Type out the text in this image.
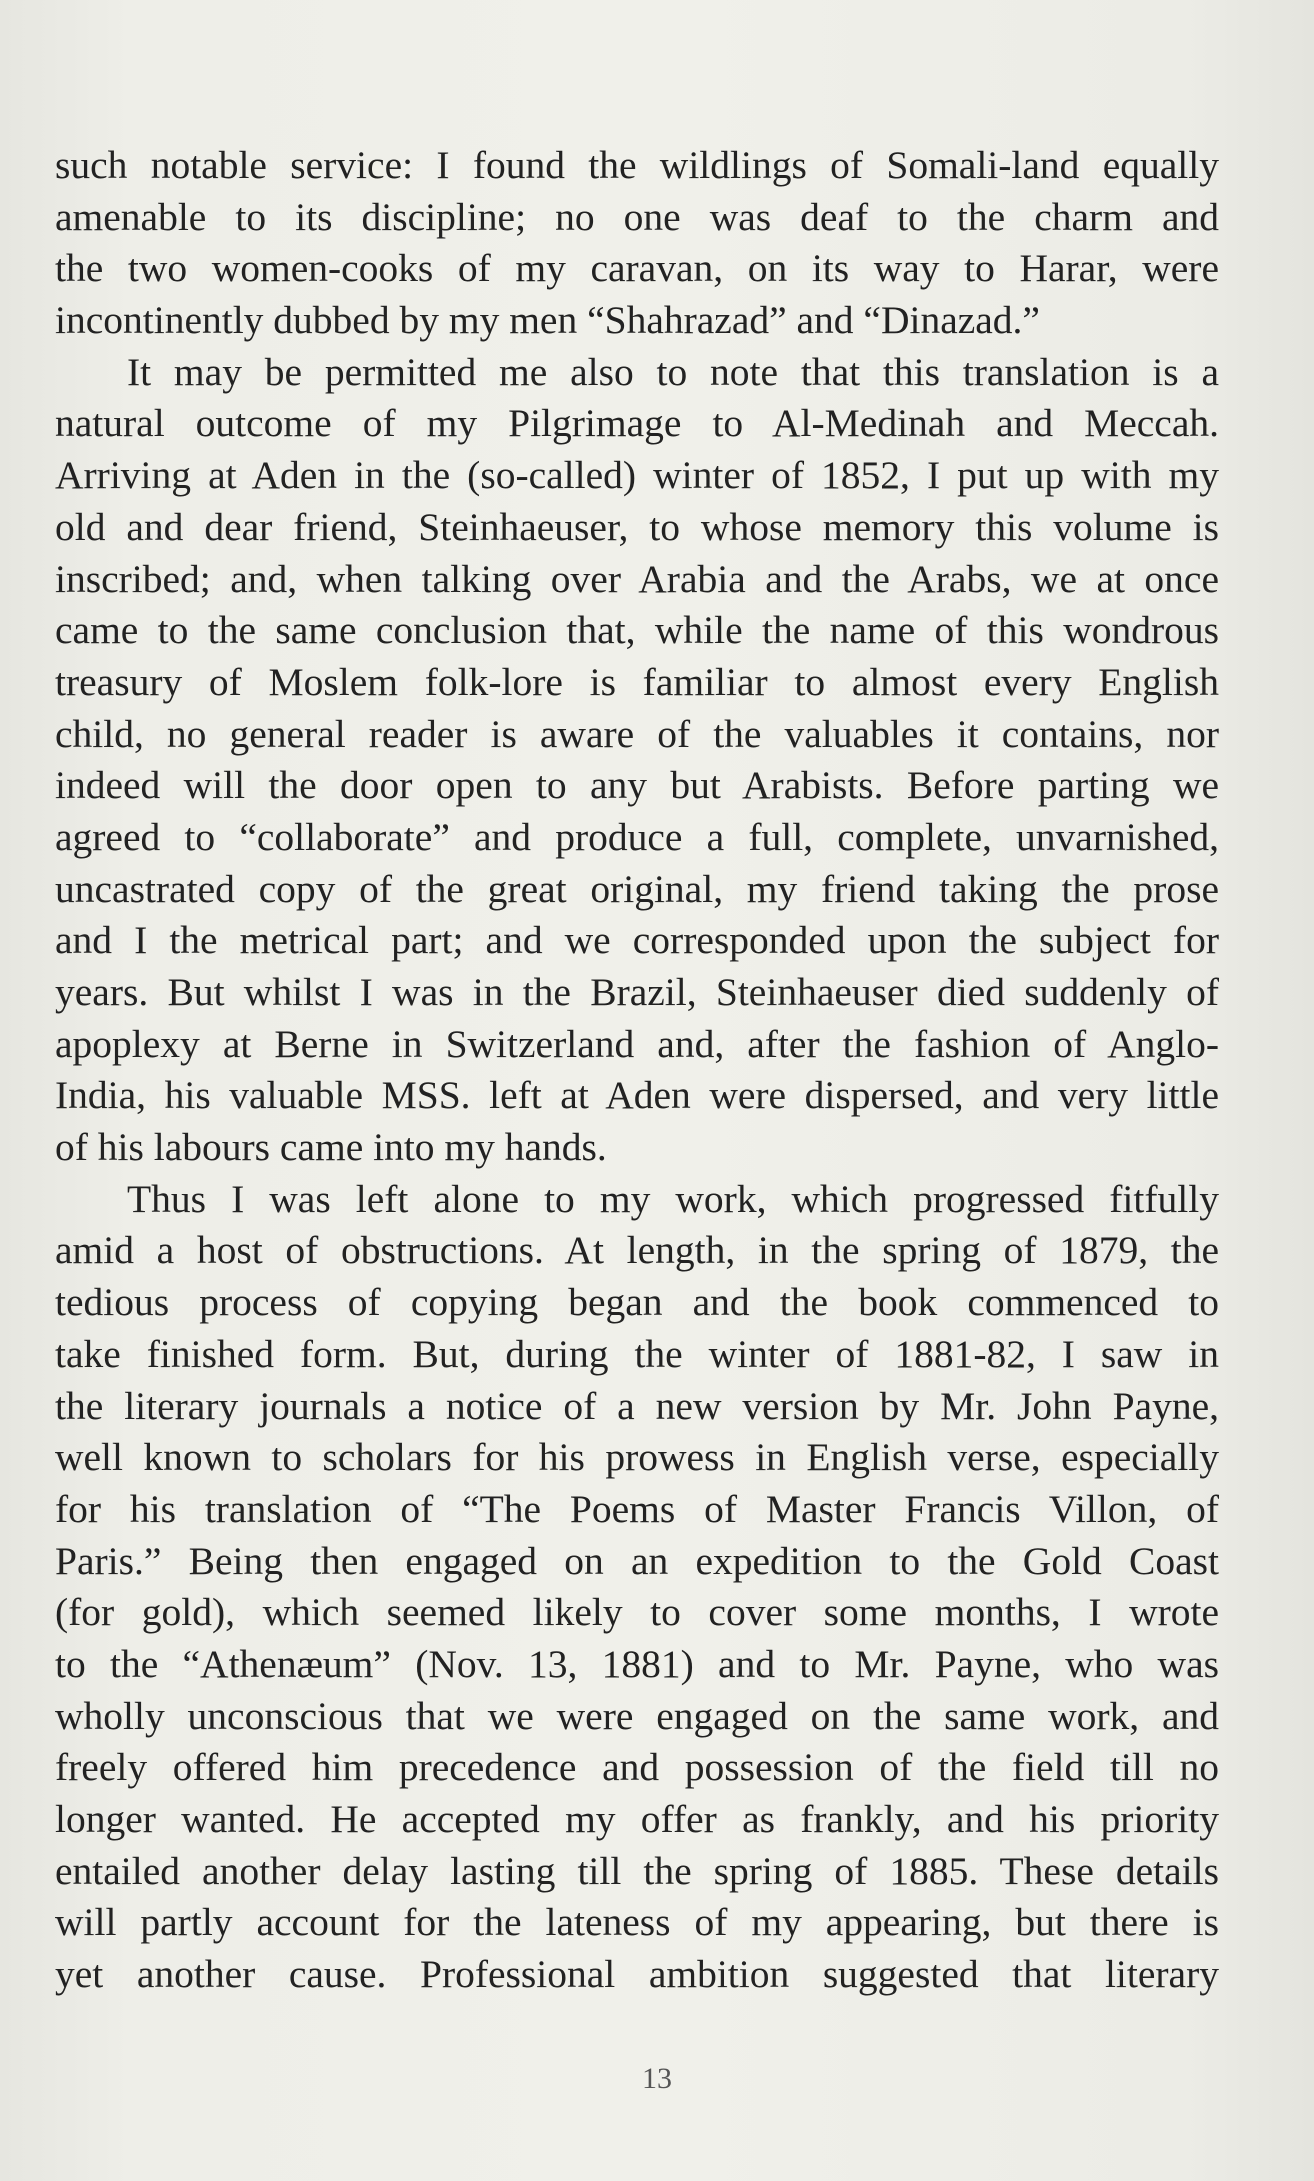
such notable service: I found the wildlings of Somali-land equally
amenable to its discipline; no one was deaf to the charm and
the two women-cooks of my caravan, on its way to Harar, were
incontinently dubbed by my men “Shahrazad” and “Dinazad.”
It may be permitted me also to note that this translation is a
natural outcome of my Pilgrimage to Al-Medinah and Meccah.
Arriving at Aden in the (so-called) winter of 1852, I put up with my
old and dear friend, Steinhaeuser, to whose memory this volume is
inscribed; and, when talking over Arabia and the Arabs, we at once
came to the same conclusion that, while the name of this wondrous
treasury of Moslem folk-lore is familiar to almost every English
child, no general reader is aware of the valuables it contains, nor
indeed will the door open to any but Arabists. Before parting we
agreed to “collaborate” and produce a full, complete, unvarnished,
uncastrated copy of the great original, my friend taking the prose
and I the metrical part; and we corresponded upon the subject for
years. But whilst I was in the Brazil, Steinhaeuser died suddenly of
apoplexy at Berne in Switzerland and, after the fashion of Anglo-
India, his valuable MSS. left at Aden were dispersed, and very little
of his labours came into my hands.
Thus I was left alone to my work, which progressed fitfully
amid a host of obstructions. At length, in the spring of 1879, the
tedious process of copying began and the book commenced to
take finished form. But, during the winter of 1881-82, I saw in
the literary journals a notice of a new version by Mr. John Payne,
well known to scholars for his prowess in English verse, especially
for his translation of “The Poems of Master Francis Villon, of
Paris.” Being then engaged on an expedition to the Gold Coast
(for gold), which seemed likely to cover some months, I wrote
to the “Athenæum” (Nov. 13, 1881) and to Mr. Payne, who was
wholly unconscious that we were engaged on the same work, and
freely offered him precedence and possession of the field till no
longer wanted. He accepted my offer as frankly, and his priority
entailed another delay lasting till the spring of 1885. These details
will partly account for the lateness of my appearing, but there is
yet another cause. Professional ambition suggested that literary
13
